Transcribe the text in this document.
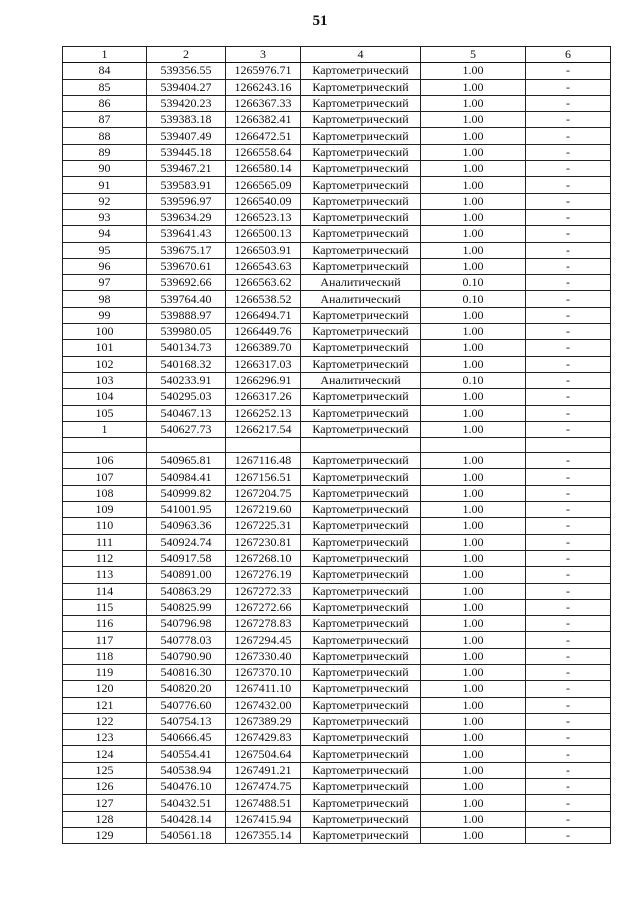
51
1	2	3	4	5	6
84	539356.55	1265976.71	Картометрический	1.00	-
85	539404.27	1266243.16	Картометрический	1.00	-
86	539420.23	1266367.33	Картометрический	1.00	-
87	539383.18	1266382.41	Картометрический	1.00	-
88	539407.49	1266472.51	Картометрический	1.00	-
89	539445.18	1266558.64	Картометрический	1.00	-
90	539467.21	1266580.14	Картометрический	1.00	-
91	539583.91	1266565.09	Картометрический	1.00	-
92	539596.97	1266540.09	Картометрический	1.00	-
93	539634.29	1266523.13	Картометрический	1.00	-
94	539641.43	1266500.13	Картометрический	1.00	-
95	539675.17	1266503.91	Картометрический	1.00	-
96	539670.61	1266543.63	Картометрический	1.00	-
97	539692.66	1266563.62	Аналитический	0.10	-
98	539764.40	1266538.52	Аналитический	0.10	-
99	539888.97	1266494.71	Картометрический	1.00	-
100	539980.05	1266449.76	Картометрический	1.00	-
101	540134.73	1266389.70	Картометрический	1.00	-
102	540168.32	1266317.03	Картометрический	1.00	-
103	540233.91	1266296.91	Аналитический	0.10	-
104	540295.03	1266317.26	Картометрический	1.00	-
105	540467.13	1266252.13	Картометрический	1.00	-
1	540627.73	1266217.54	Картометрический	1.00	-

106	540965.81	1267116.48	Картометрический	1.00	-
107	540984.41	1267156.51	Картометрический	1.00	-
108	540999.82	1267204.75	Картометрический	1.00	-
109	541001.95	1267219.60	Картометрический	1.00	-
110	540963.36	1267225.31	Картометрический	1.00	-
111	540924.74	1267230.81	Картометрический	1.00	-
112	540917.58	1267268.10	Картометрический	1.00	-
113	540891.00	1267276.19	Картометрический	1.00	-
114	540863.29	1267272.33	Картометрический	1.00	-
115	540825.99	1267272.66	Картометрический	1.00	-
116	540796.98	1267278.83	Картометрический	1.00	-
117	540778.03	1267294.45	Картометрический	1.00	-
118	540790.90	1267330.40	Картометрический	1.00	-
119	540816.30	1267370.10	Картометрический	1.00	-
120	540820.20	1267411.10	Картометрический	1.00	-
121	540776.60	1267432.00	Картометрический	1.00	-
122	540754.13	1267389.29	Картометрический	1.00	-
123	540666.45	1267429.83	Картометрический	1.00	-
124	540554.41	1267504.64	Картометрический	1.00	-
125	540538.94	1267491.21	Картометрический	1.00	-
126	540476.10	1267474.75	Картометрический	1.00	-
127	540432.51	1267488.51	Картометрический	1.00	-
128	540428.14	1267415.94	Картометрический	1.00	-
129	540561.18	1267355.14	Картометрический	1.00	-
